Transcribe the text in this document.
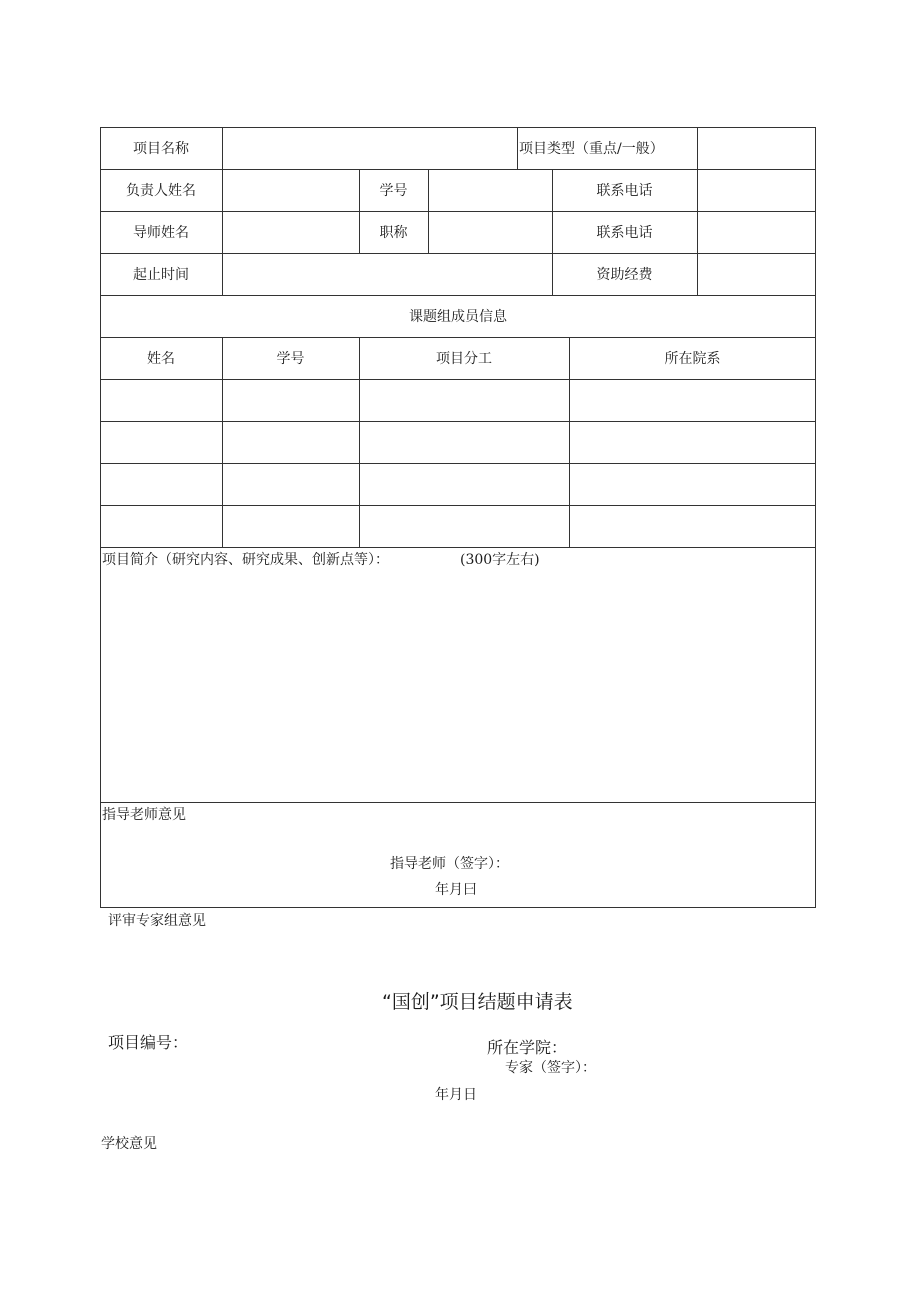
项目名称	项目类型（重点/一般）
负责人姓名	学号	联系电话
导师姓名	职称	联系电话
起止时间	资助经费
课题组成员信息
姓名	学号	项目分工	所在院系
项目简介（研究内容、研究成果、创新点等）：	(300字左右)
指导老师意见
指导老师（签字）：
年月曰
评审专家组意见
“国创”项目结题申请表
项目编号：	所在学院：
专家（签字）：
年月日
学校意见
